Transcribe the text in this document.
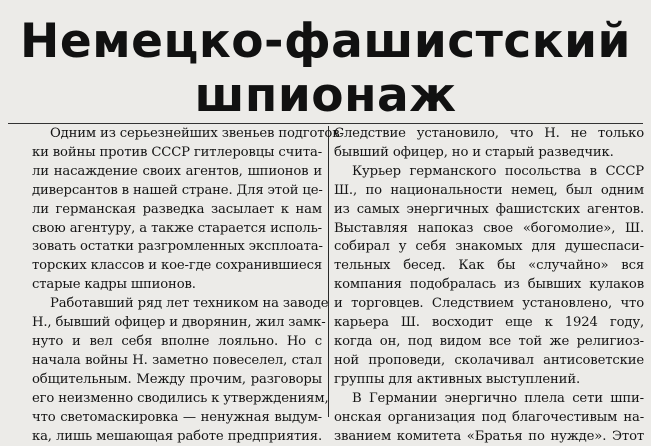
Немецко-фашистский
шпионаж
Одним из серьезнейших звеньев подготов-
ки войны против СССР гитлеровцы счита-
ли насаждение своих агентов, шпионов и
диверсантов в нашей стране. Для этой це-
ли германская разведка засылает к нам
свою агентуру, а также старается исполь-
зовать остатки разгромленных эксплоата-
торских классов и кое-где сохранившиеся
старые кадры шпионов.
Работавший ряд лет техником на заводе
Н., бывший офицер и дворянин, жил замк-
нуто и вел себя вполне лояльно. Но с
начала войны Н. заметно повеселел, стал
общительным. Между прочим, разговоры
его неизменно сводились к утверждениям,
что светомаскировка — ненужная выдум-
ка, лишь мешающая работе предприятия.
Следствие установило, что Н. не только
бывший офицер, но и старый разведчик.
Курьер германского посольства в СССР
Ш., по национальности немец, был одним
из самых энергичных фашистских агентов.
Выставляя напоказ свое «богомолие», Ш.
собирал у себя знакомых для душеспаси-
тельных бесед. Как бы «случайно» вся
компания подобралась из бывших кулаков
и торговцев. Следствием установлено, что
карьера Ш. восходит еще к 1924 году,
когда он, под видом все той же религиоз-
ной проповеди, сколачивал антисоветские
группы для активных выступлений.
В Германии энергично плела сети шпи-
онская организация под благочестивым на-
званием комитета «Братья по нужде». Этот
